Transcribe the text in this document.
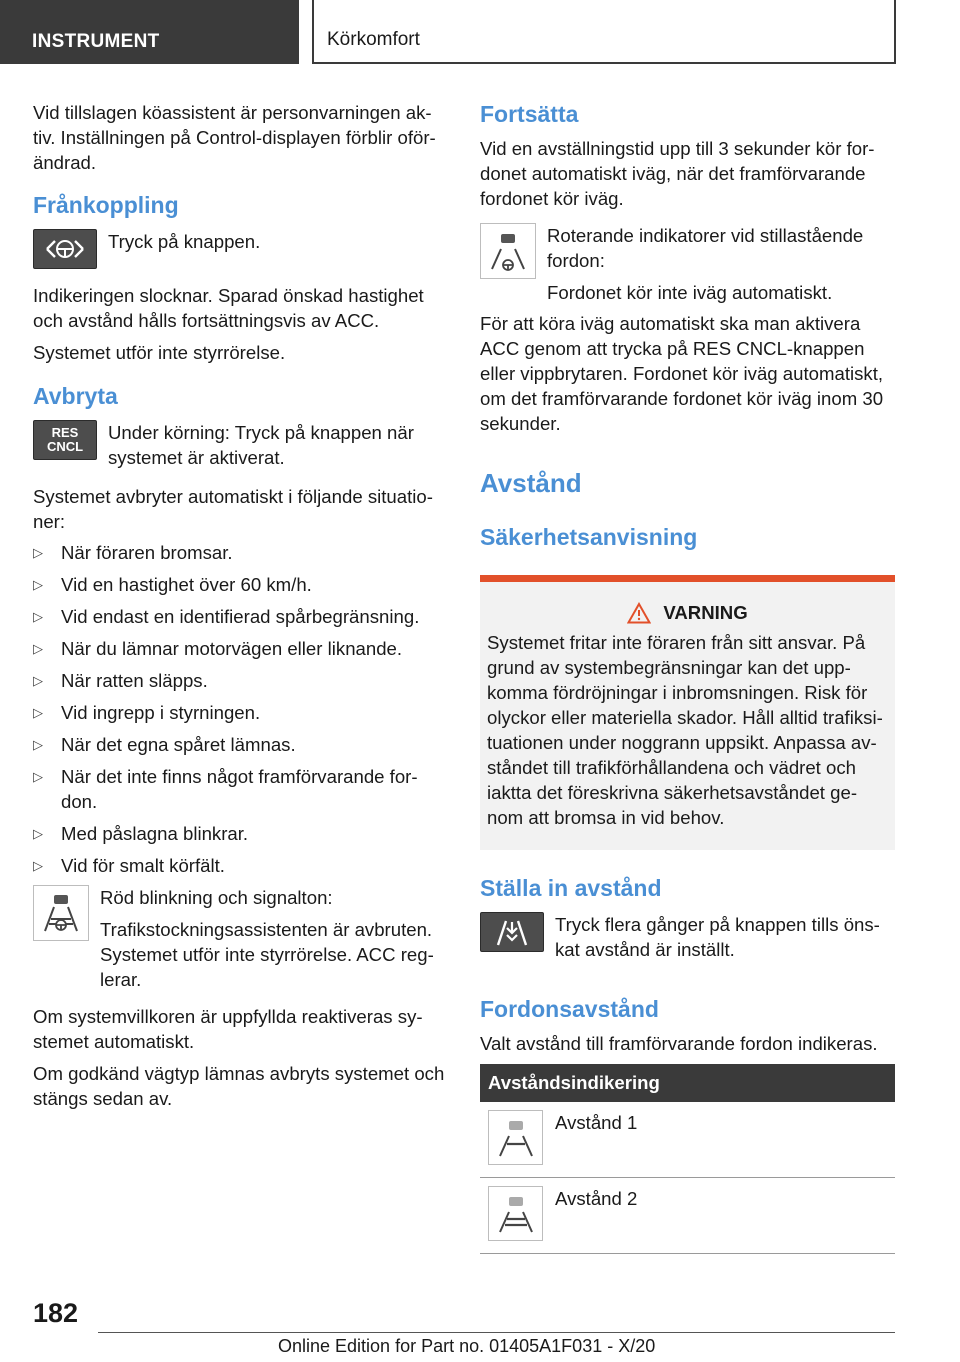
INSTRUMENT	Körkomfort

Vid tillslagen köassistent är personvarningen ak-tiv. Inställningen på Control-displayen förblir oför-ändrad.

Frånkoppling

Tryck på knappen.

Indikeringen slocknar. Sparad önskad hastighet och avstånd hålls fortsättningsvis av ACC.

Systemet utför inte styrrörelse.

Avbryta
RES
CNCL

Under körning: Tryck på knappen när systemet är aktiverat.

Systemet avbryter automatiskt i följande situatio-ner:

▷ När föraren bromsar.
▷ Vid en hastighet över 60 km/h.
▷ Vid endast en identifierad spårbegränsning.
▷ När du lämnar motorvägen eller liknande.
▷ När ratten släpps.
▷ Vid ingrepp i styrningen.
▷ När det egna spåret lämnas.
▷ När det inte finns något framförvarande for-don.
▷ Med påslagna blinkrar.
▷ Vid för smalt körfält.

Röd blinkning och signalton:

Trafikstockningsassistenten är avbruten. Systemet utför inte styrrörelse. ACC reg-lerar.

Om systemvillkoren är uppfyllda reaktiveras sy-stemet automatiskt.

Om godkänd vägtyp lämnas avbryts systemet och stängs sedan av.

Fortsätta

Vid en avställningstid upp till 3 sekunder kör for-donet automatiskt iväg, när det framförvarande fordonet kör iväg.

Roterande indikatorer vid stillastående fordon:

Fordonet kör inte iväg automatiskt.

För att köra iväg automatiskt ska man aktivera ACC genom att trycka på RES CNCL-knappen eller vippbrytaren. Fordonet kör iväg automatiskt, om det framförvarande fordonet kör iväg inom 30 sekunder.

Avstånd
Säkerhetsanvisning
VARNING

Systemet fritar inte föraren från sitt ansvar. På grund av systembegränsningar kan det upp-komma fördröjningar i inbromsningen. Risk för olyckor eller materiella skador. Håll alltid trafiksi-tuationen under noggrann uppsikt. Anpassa av-ståndet till trafikförhållandena och vädret och iaktta det föreskrivna säkerhetsavståndet ge-nom att bromsa in vid behov.

Ställa in avstånd

Tryck flera gånger på knappen tills öns-kat avstånd är inställt.

Fordonsavstånd

Valt avstånd till framförvarande fordon indikeras.

Avståndsindikering

Avstånd 1

Avstånd 2

182
Online Edition for Part no. 01405A1F031 - X/20
